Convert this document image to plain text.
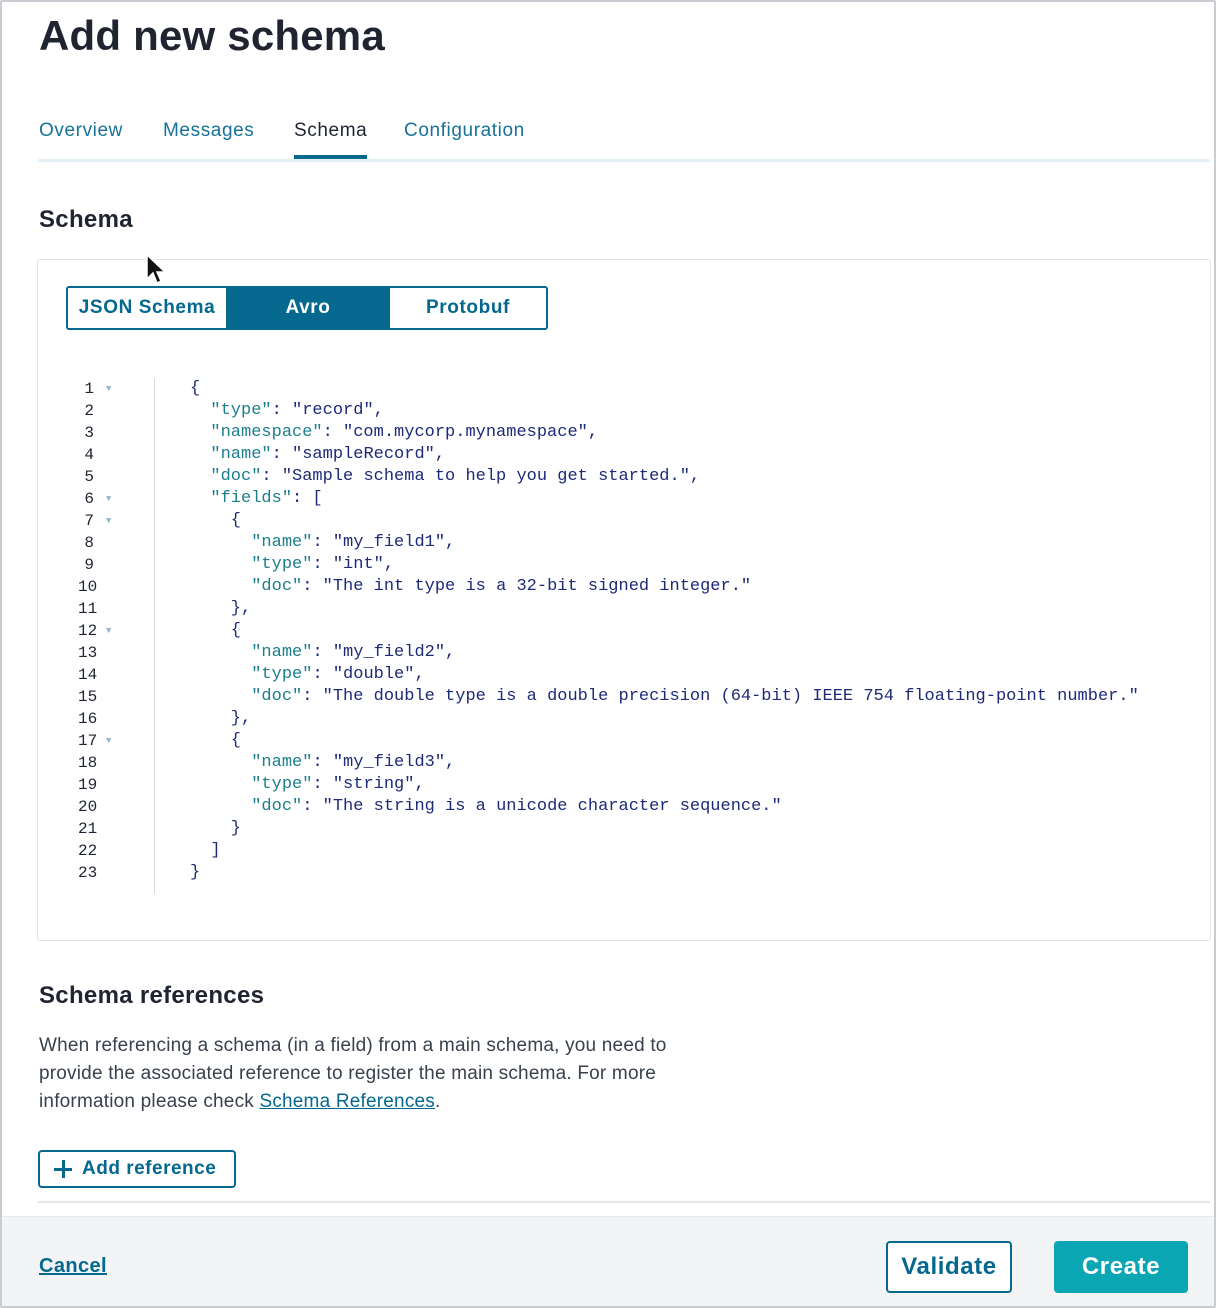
Add new schema
Overview Messages Schema Configuration
Schema
JSON Schema	Avro	Protobuf
1 ▼	{
2	"type": "record",
3	"namespace": "com.mycorp.mynamespace",
4	"name": "sampleRecord",
5	"doc": "Sample schema to help you get started.",
6 ▼	"fields": [
7 ▼	{
8	"name": "my_field1",
9	"type": "int",
10	"doc": "The int type is a 32-bit signed integer."
11	},
12 ▼	{
13	"name": "my_field2",
14	"type": "double",
15	"doc": "The double type is a double precision (64-bit) IEEE 754 floating-point number."
16	},
17 ▼	{
18	"name": "my_field3",
19	"type": "string",
20	"doc": "The string is a unicode character sequence."
21	}
22	]
23	}
Schema references

When referencing a schema (in a field) from a main schema, you need to provide the associated reference to register the main schema. For more information please check Schema References.

Add reference
Cancel	Validate	Create
